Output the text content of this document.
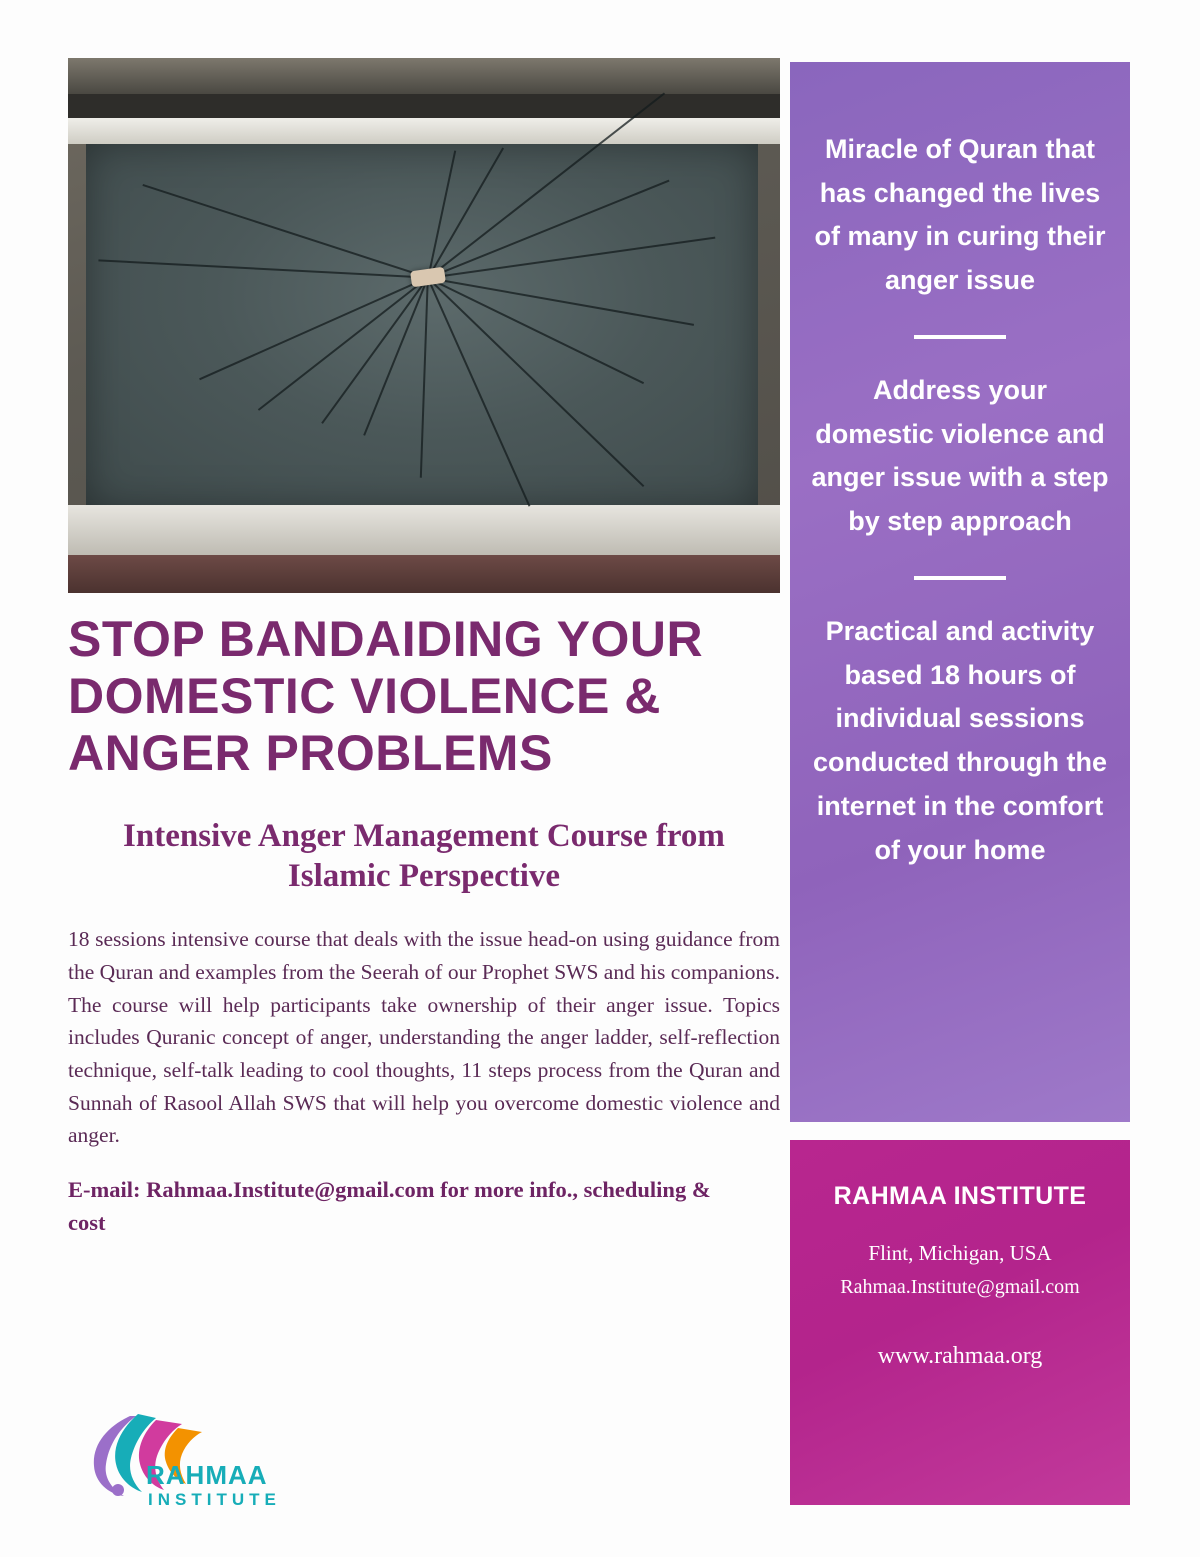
STOP BANDAIDING YOUR DOMESTIC VIOLENCE & ANGER PROBLEMS
Intensive Anger Management Course from Islamic Perspective

18 sessions intensive course that deals with the issue head-on using guidance from the Quran and examples from the Seerah of our Prophet SWS and his companions. The course will help participants take ownership of their anger issue. Topics includes Quranic concept of anger, understanding the anger ladder, self-reflection technique, self-talk leading to cool thoughts, 11 steps process from the Quran and Sunnah of Rasool Allah SWS that will help you overcome domestic violence and anger.

E-mail: Rahmaa.Institute@gmail.com for more info., scheduling & cost

RAHMAA
INSTITUTE
Miracle of Quran that has changed the lives of many in curing their anger issue
Address your domestic violence and anger issue with a step by step approach
Practical and activity based 18 hours of individual sessions conducted through the internet in the comfort of your home
RAHMAA INSTITUTE
Flint, Michigan, USA
Rahmaa.Institute@gmail.com
www.rahmaa.org
